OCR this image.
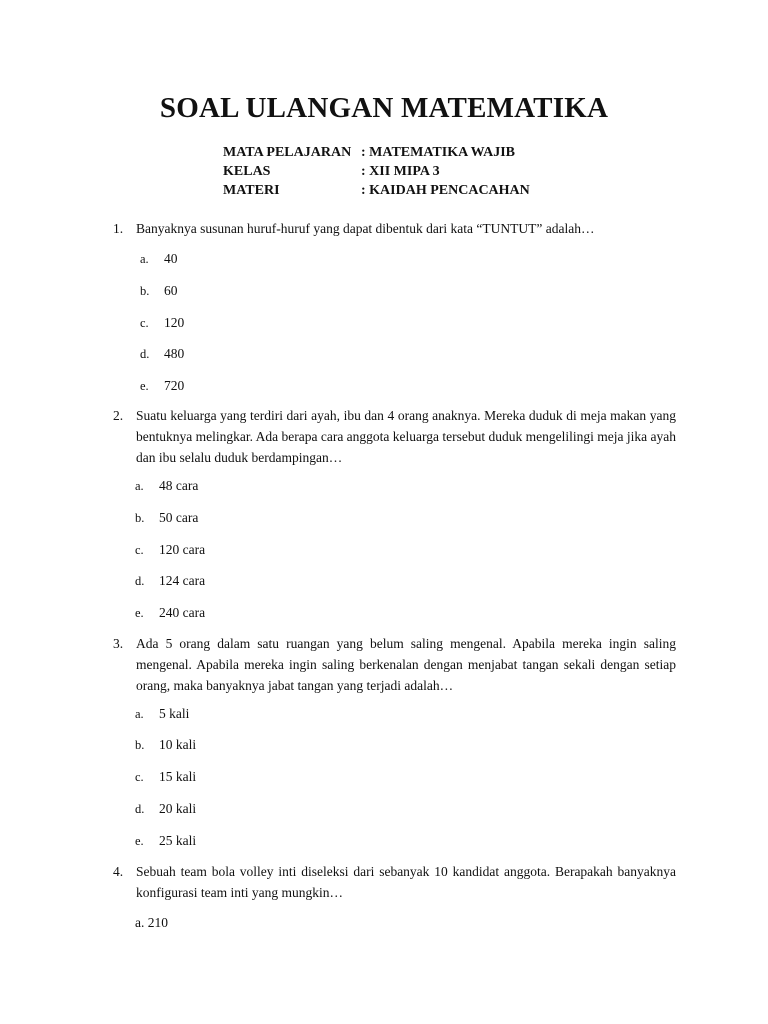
SOAL ULANGAN MATEMATIKA
MATA PELAJARAN : MATEMATIKA WAJIB
KELAS	: XII MIPA 3
MATERI	: KAIDAH PENCACAHAN
1. Banyaknya susunan huruf-huruf yang dapat dibentuk dari kata “TUNTUT” adalah…
a. 40
b. 60
c. 120
d. 480
e. 720
2. Suatu keluarga yang terdiri dari ayah, ibu dan 4 orang anaknya. Mereka duduk di meja makan yang bentuknya melingkar. Ada berapa cara anggota keluarga tersebut duduk mengelilingi meja jika ayah dan ibu selalu duduk berdampingan…
a. 48 cara
b. 50 cara
c. 120 cara
d. 124 cara
e. 240 cara
3. Ada 5 orang dalam satu ruangan yang belum saling mengenal. Apabila mereka ingin saling mengenal. Apabila mereka ingin saling berkenalan dengan menjabat tangan sekali dengan setiap orang, maka banyaknya jabat tangan yang terjadi adalah…
a. 5 kali
b. 10 kali
c. 15 kali
d. 20 kali
e. 25 kali
4. Sebuah team bola volley inti diseleksi dari sebanyak 10 kandidat anggota. Berapakah banyaknya konfigurasi team inti yang mungkin…
a. 210
